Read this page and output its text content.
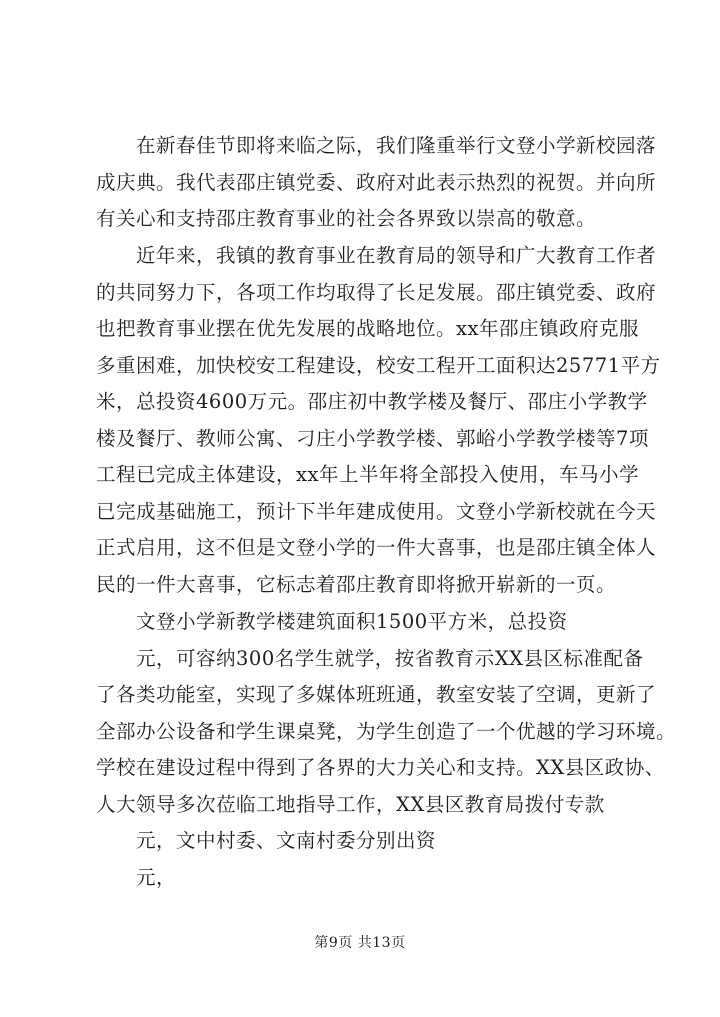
　　在新春佳节即将来临之际，我们隆重举行文登小学新校园落
成庆典。我代表邵庄镇党委、政府对此表示热烈的祝贺。并向所
有关心和支持邵庄教育事业的社会各界致以崇高的敬意。
　　近年来，我镇的教育事业在教育局的领导和广大教育工作者
的共同努力下，各项工作均取得了长足发展。邵庄镇党委、政府
也把教育事业摆在优先发展的战略地位。xx年邵庄镇政府克服
多重困难，加快校安工程建设，校安工程开工面积达25771平方
米，总投资4600万元。邵庄初中教学楼及餐厅、邵庄小学教学
楼及餐厅、教师公寓、刁庄小学教学楼、郭峪小学教学楼等7项
工程已完成主体建设，xx年上半年将全部投入使用，车马小学
已完成基础施工，预计下半年建成使用。文登小学新校就在今天
正式启用，这不但是文登小学的一件大喜事，也是邵庄镇全体人
民的一件大喜事，它标志着邵庄教育即将掀开崭新的一页。
　　文登小学新教学楼建筑面积1500平方米，总投资
　　元，可容纳300名学生就学，按省教育示XX县区标准配备
了各类功能室，实现了多媒体班班通，教室安装了空调，更新了
全部办公设备和学生课桌凳，为学生创造了一个优越的学习环境。
学校在建设过程中得到了各界的大力关心和支持。XX县区政协、
人大领导多次莅临工地指导工作，XX县区教育局拨付专款
　　元，文中村委、文南村委分别出资
　　元，
第9页 共13页
